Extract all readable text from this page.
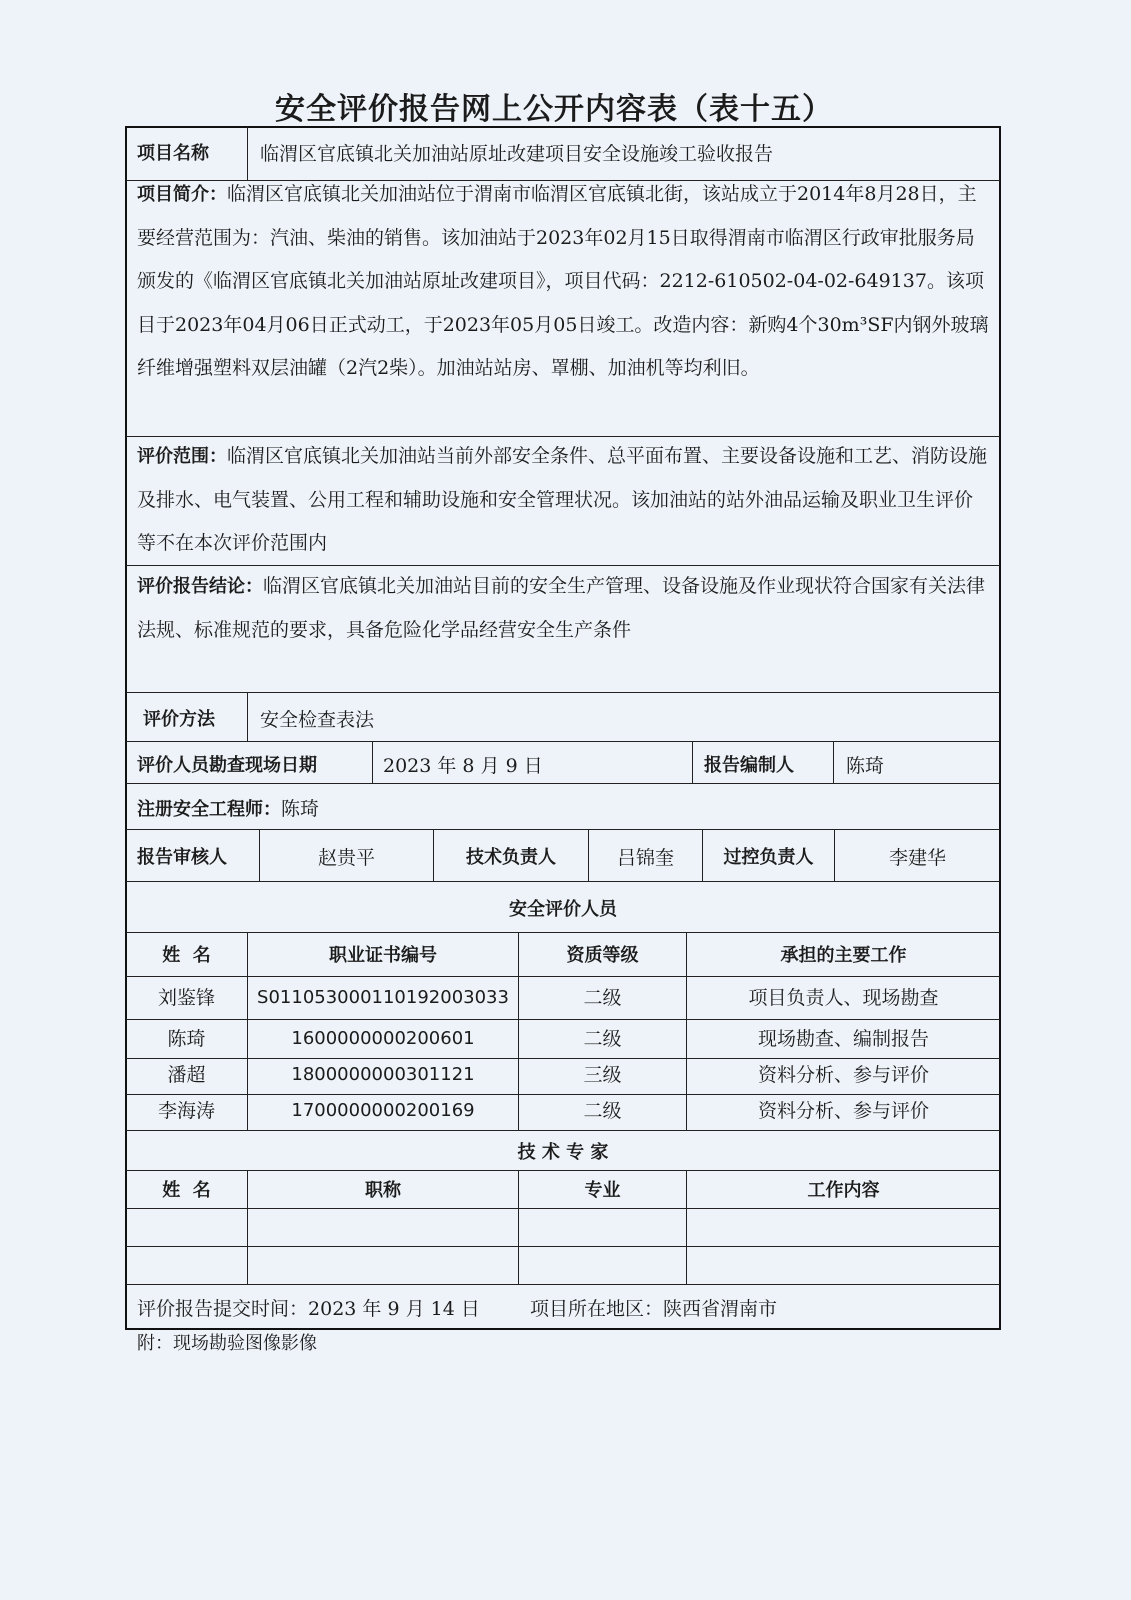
安全评价报告网上公开内容表（表十五）
项目名称	临渭区官底镇北关加油站原址改建项目安全设施竣工验收报告
项目简介：临渭区官底镇北关加油站位于渭南市临渭区官底镇北街，该站成立于2014年8月28日，主要经营范围为：汽油、柴油的销售。该加油站于2023年02月15日取得渭南市临渭区行政审批服务局颁发的《临渭区官底镇北关加油站原址改建项目》，项目代码：2212-610502-04-02-649137。该项目于2023年04月06日正式动工，于2023年05月05日竣工。改造内容：新购4个30m³SF内钢外玻璃纤维增强塑料双层油罐（2汽2柴）。加油站站房、罩棚、加油机等均利旧。
评价范围：临渭区官底镇北关加油站当前外部安全条件、总平面布置、主要设备设施和工艺、消防设施及排水、电气装置、公用工程和辅助设施和安全管理状况。该加油站的站外油品运输及职业卫生评价等不在本次评价范围内
评价报告结论：临渭区官底镇北关加油站目前的安全生产管理、设备设施及作业现状符合国家有关法律法规、标准规范的要求，具备危险化学品经营安全生产条件
评价方法 安全检查表法
评价人员勘查现场日期	2023 年 8 月 9 日	报告编制人	陈琦
注册安全工程师：陈琦
报告审核人	赵贵平	技术负责人	吕锦奎	过控负责人	李建华
安全评价人员
姓  名	职业证书编号	资质等级	承担的主要工作
刘鉴锋	S011053000110192003033	二级	项目负责人、现场勘查
陈琦	1600000000200601	二级	现场勘查、编制报告
潘超	1800000000301121	三级	资料分析、参与评价
李海涛	1700000000200169	二级	资料分析、参与评价
技 术 专 家
姓  名	职称	专业	工作内容
评价报告提交时间：2023 年 9 月 14 日	项目所在地区：陕西省渭南市
附：现场勘验图像影像
